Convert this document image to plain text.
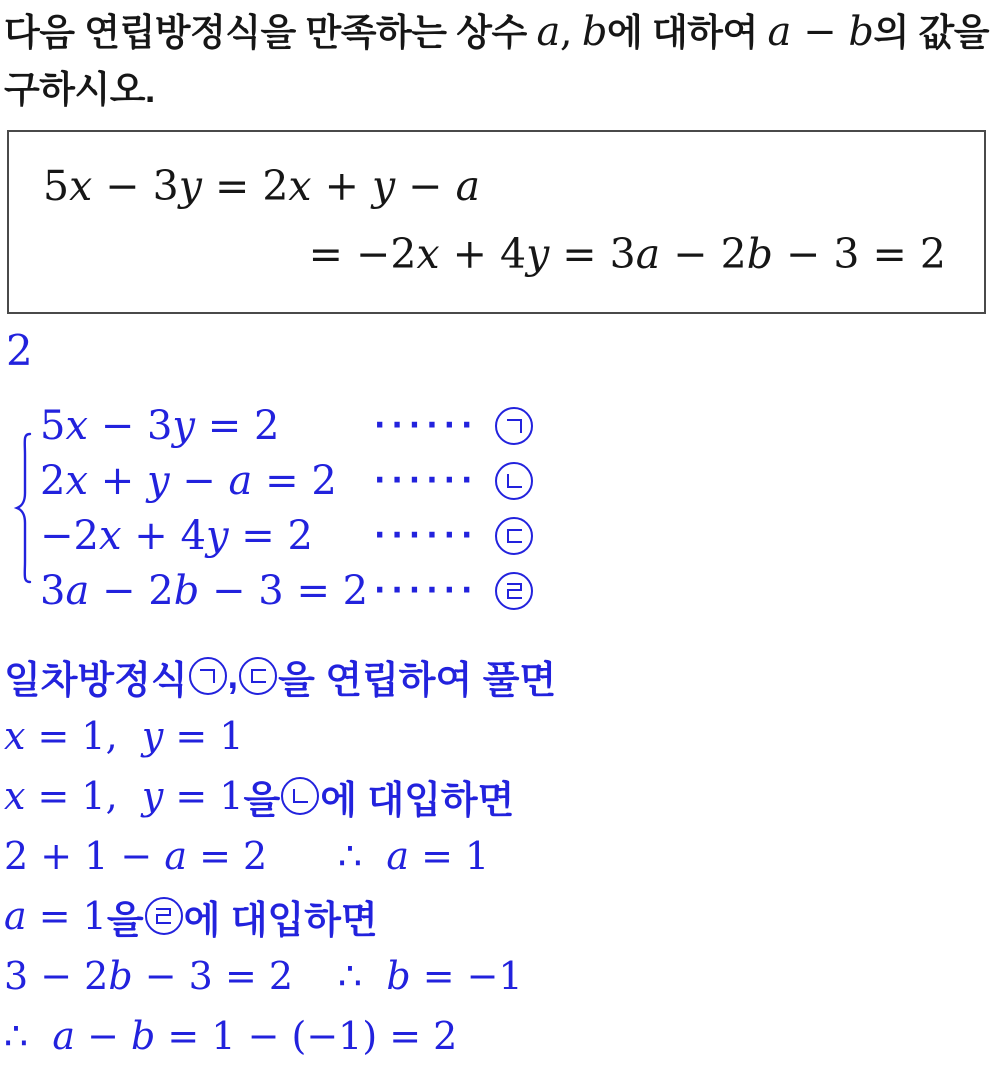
다음 연립방정식을 만족하는 상수 a, b에 대하여 a − b의 값을 구하시오.

5x − 3y = 2x + y − a
= −2x + 4y = 3a − 2b − 3 = 2
2
5x − 3y = 2	······
2x + y − a = 2	······
−2x + 4y = 2	······
3a − 2b − 3 = 2 ······
일차방정식 , 을 연립하여 풀면
x = 1,  y = 1
x = 1,  y = 1 을 에 대입하면
2 + 1 − a = 2	∴  a = 1
a = 1 을 에 대입하면
3 − 2b − 3 = 2	∴  b = −1
∴  a − b = 1 − (−1) = 2
